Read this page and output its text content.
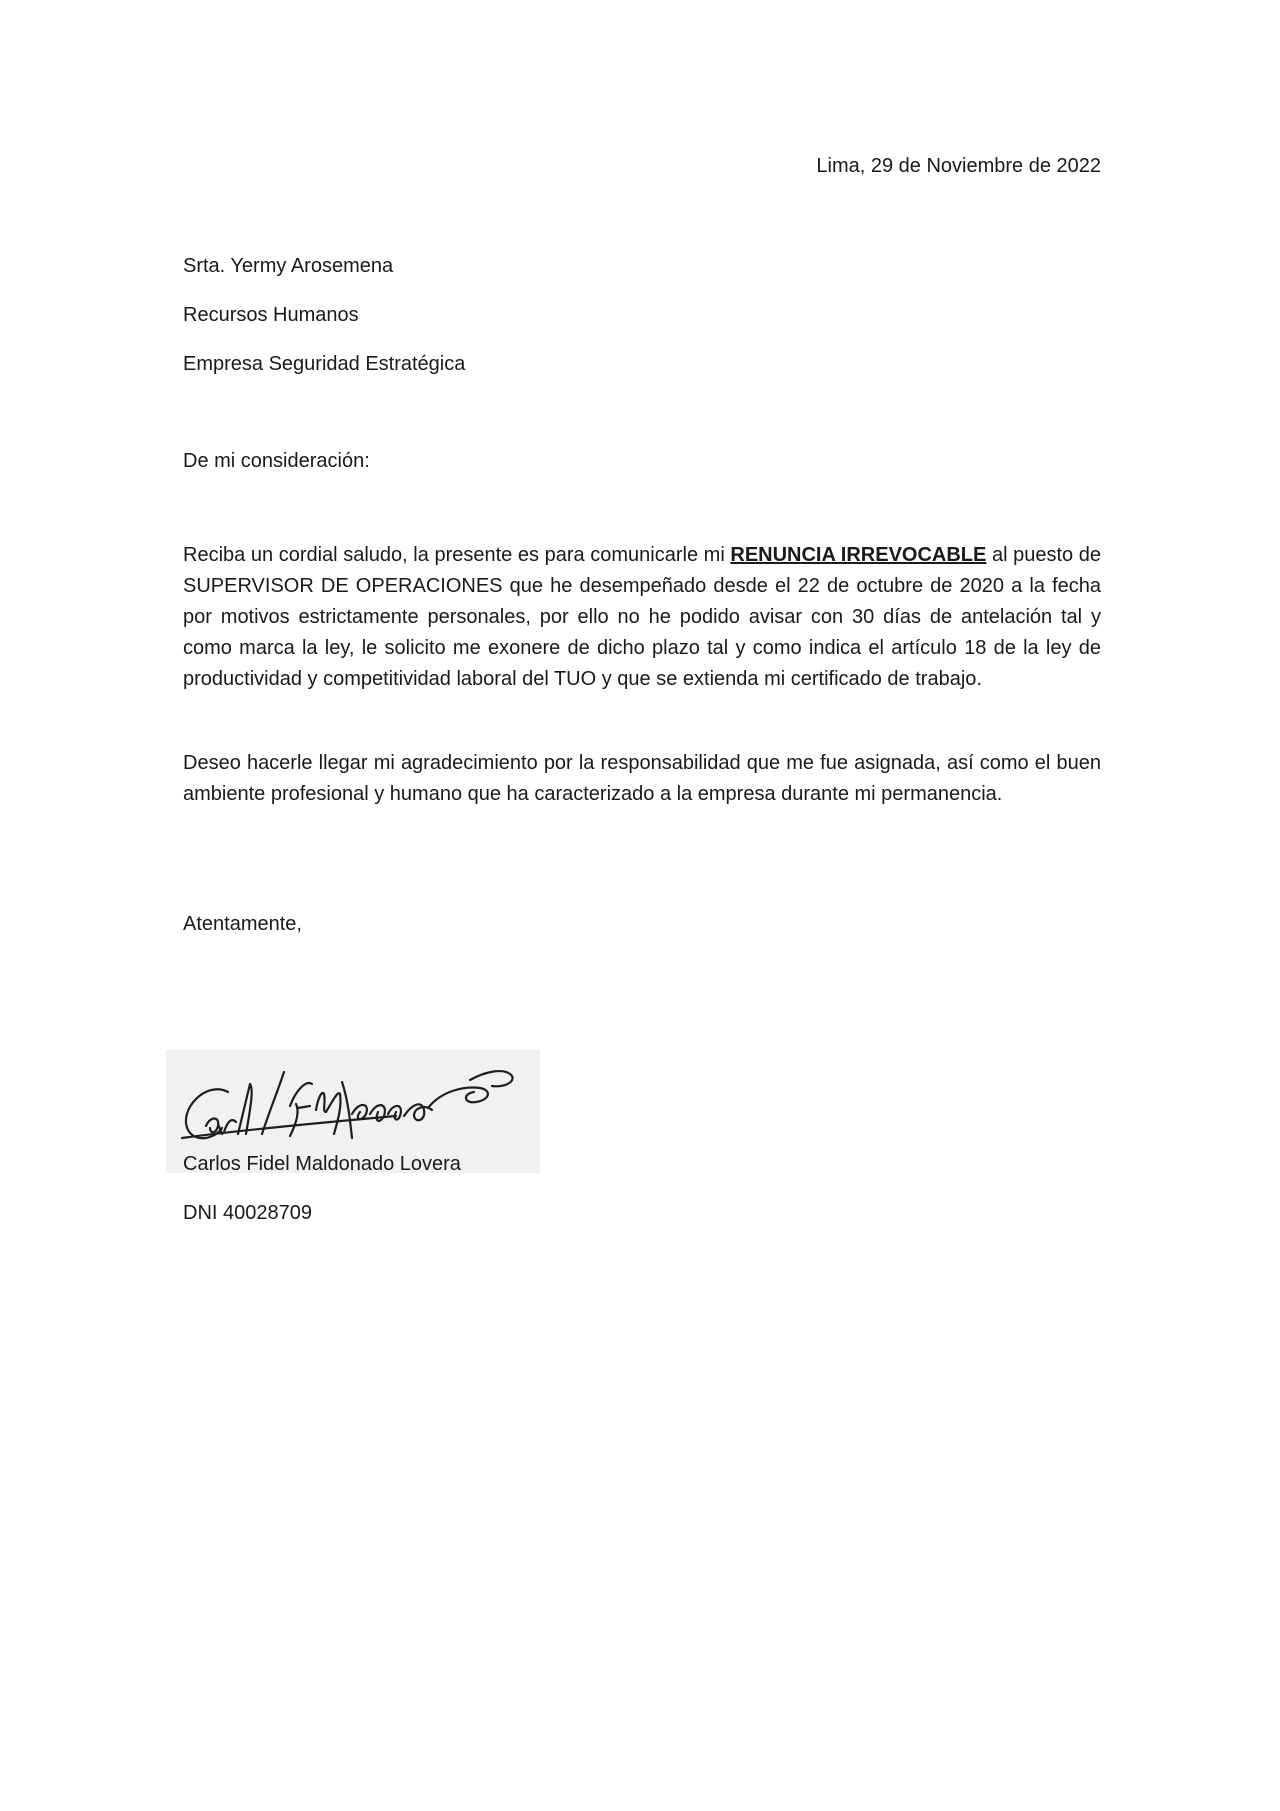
Lima, 29 de Noviembre de 2022
Srta. Yermy Arosemena
Recursos Humanos
Empresa Seguridad Estratégica
De mi consideración:
Reciba un cordial saludo, la presente es para comunicarle mi RENUNCIA IRREVOCABLE al puesto de SUPERVISOR DE OPERACIONES que he desempeñado desde el 22 de octubre de 2020 a la fecha por motivos estrictamente personales, por ello no he podido avisar con 30 días de antelación tal y como marca la ley, le solicito me exonere de dicho plazo tal y como indica el artículo 18 de la ley de productividad y competitividad laboral del TUO y que se extienda mi certificado de trabajo.
Deseo hacerle llegar mi agradecimiento por la responsabilidad que me fue asignada, así como el buen ambiente profesional y humano que ha caracterizado a la empresa durante mi permanencia.
Atentamente,
Carlos Fidel Maldonado Lovera
DNI 40028709
